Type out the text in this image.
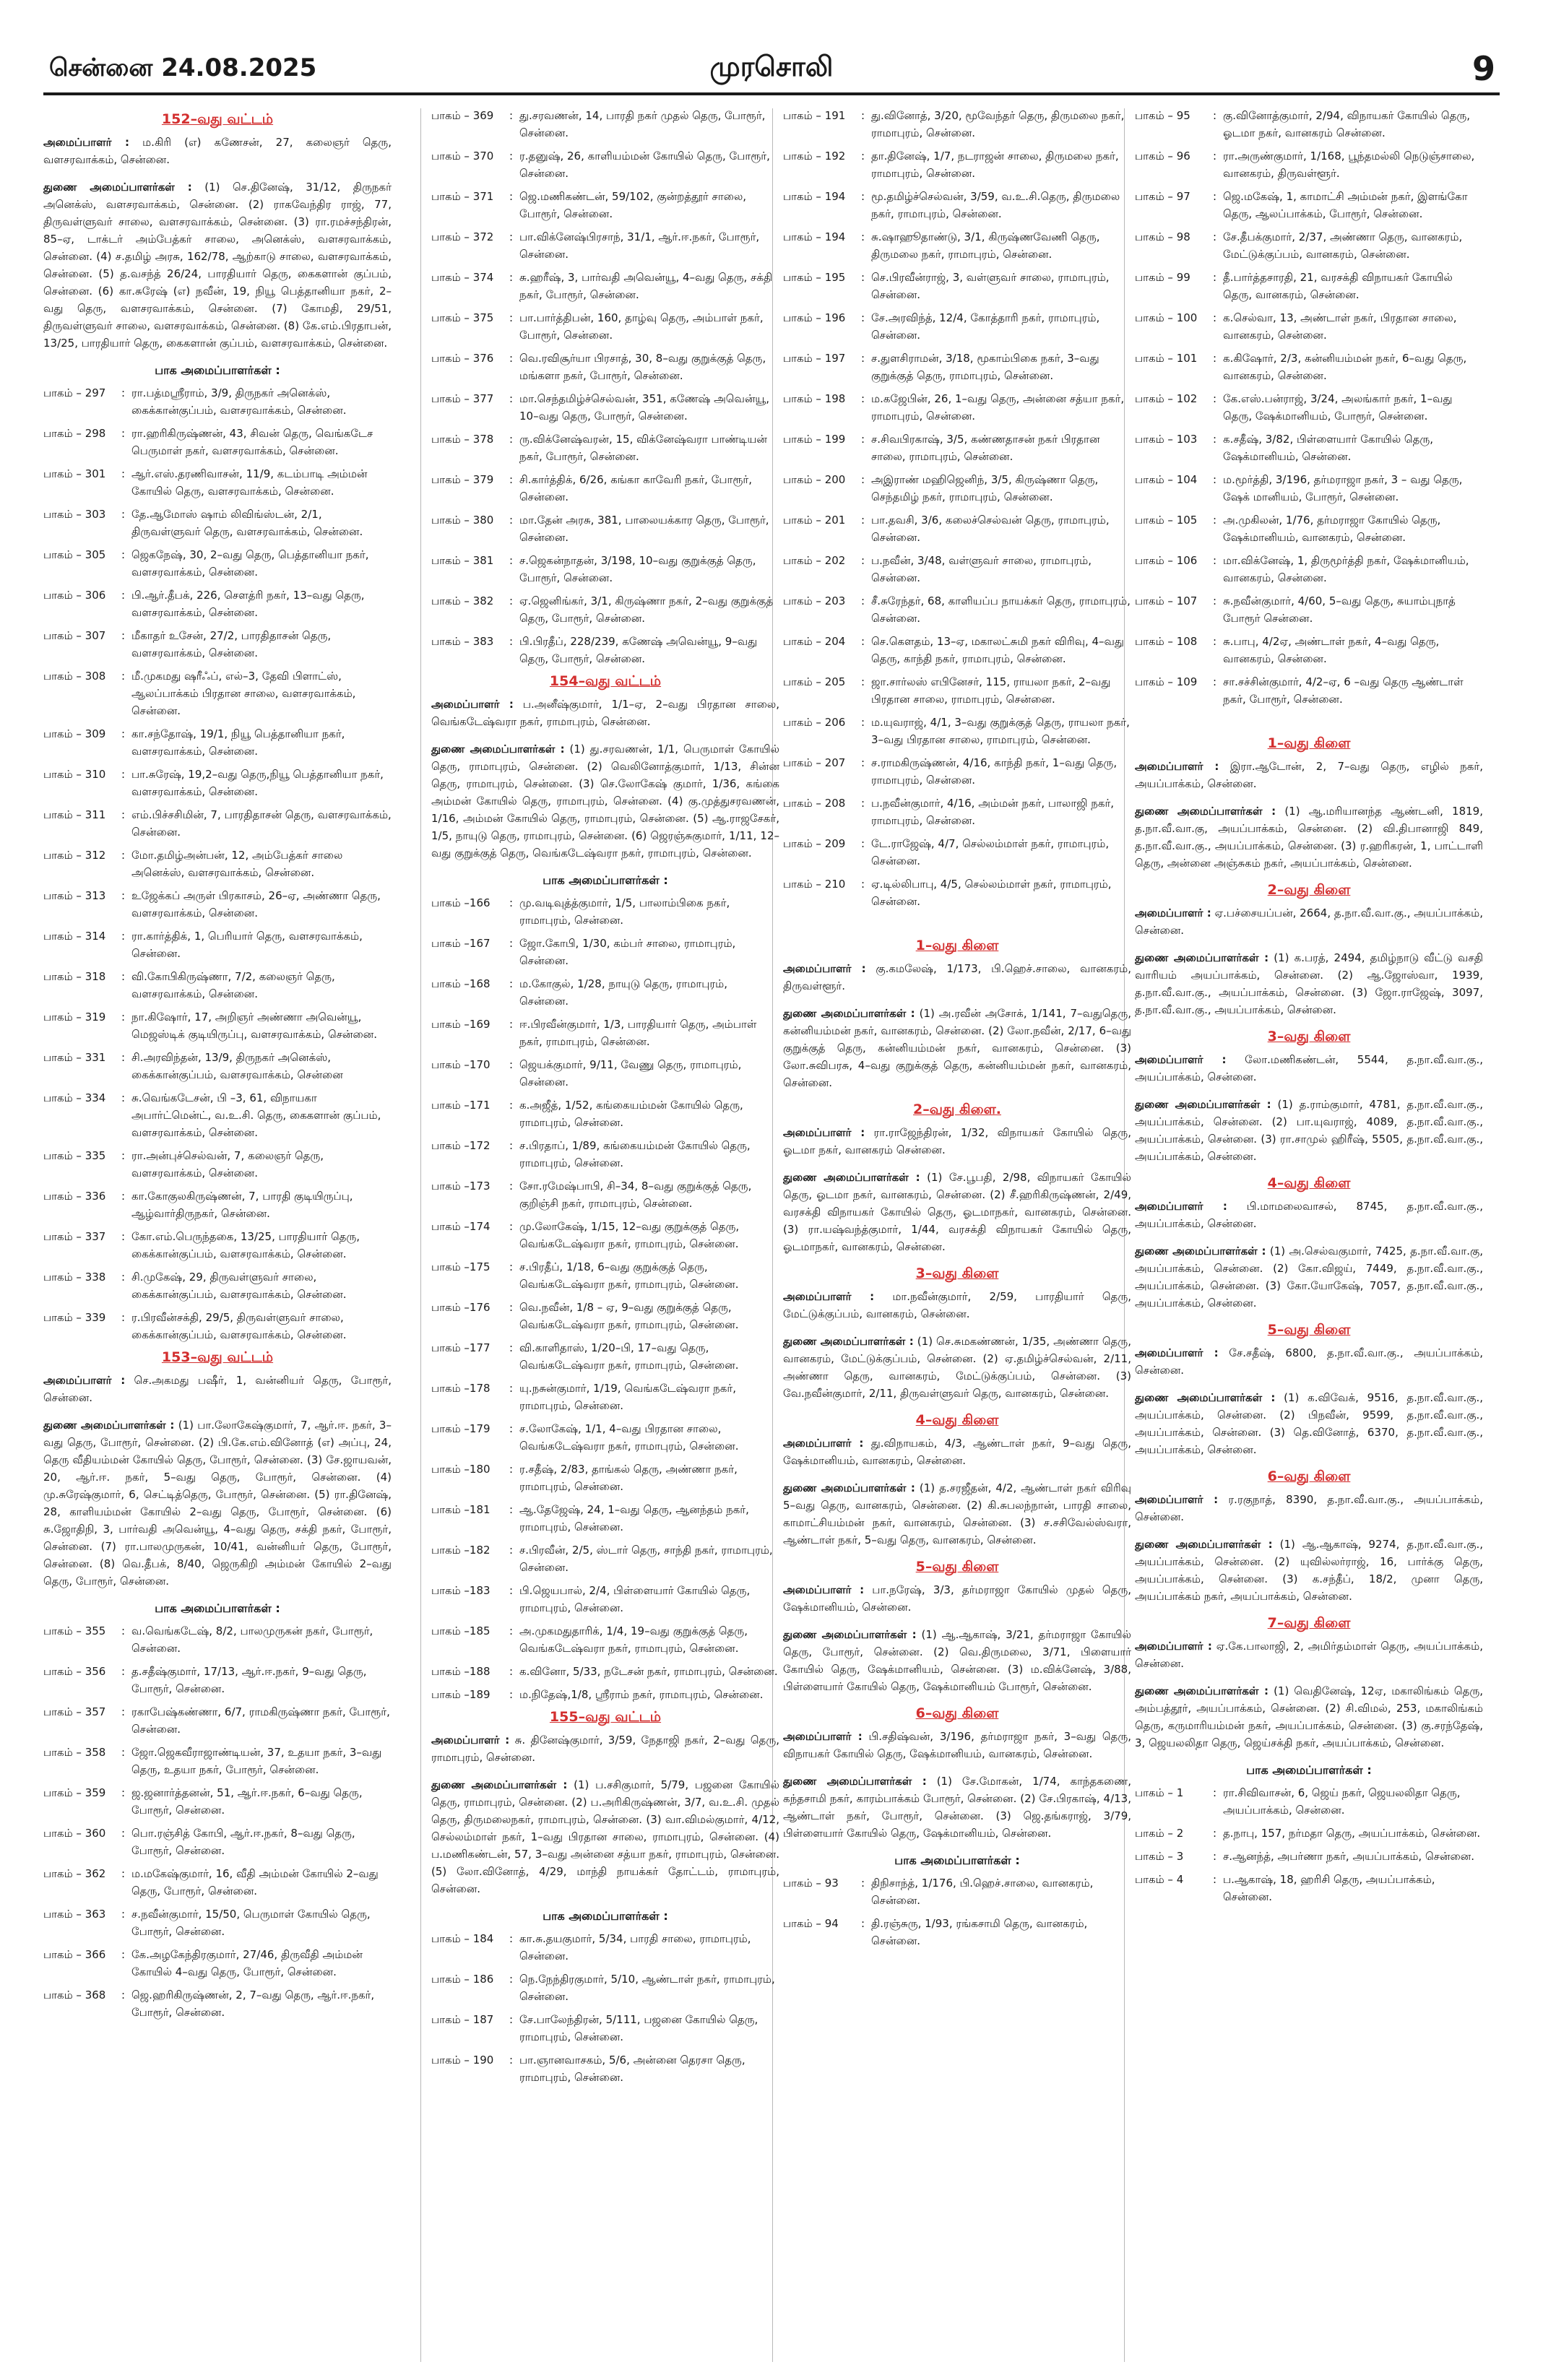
சென்னை 24.08.2025	முரசொலி	9
152–வது வட்டம்

அமைப்பாளர் : ம.கிரி (எ) கணேசன், 27, கலைஞர் தெரு, வளசரவாக்கம், சென்னை.

துணை அமைப்பாளர்கள் : (1) செ.தினேஷ், 31/12, திருநகர் அனெக்ஸ், வளசரவாக்கம், சென்னை. (2) ராகவேந்திர ராஜ், 77, திருவள்ளுவர் சாலை, வளசரவாக்கம், சென்னை. (3) ரா.ரமச்சந்திரன், 85–ஏ, டாக்டர் அம்பேத்கர் சாலை, அனெக்ஸ், வளசரவாக்கம், சென்னை. (4) ச.தமிழ் அரசு, 162/78, ஆற்காடு சாலை, வளசரவாக்கம், சென்னை. (5) த.வசந்த் 26/24, பாரதியார் தெரு, கைகளான் குப்பம், சென்னை. (6) கா.சுரேஷ் (எ) நவீன், 19, நியூ பெத்தானியா நகர், 2–வது தெரு, வளசரவாக்கம், சென்னை. (7) கோமதி, 29/51, திருவள்ளுவர் சாலை, வளசரவாக்கம், சென்னை. (8) கே.எம்.பிரதாபன், 13/25, பாரதியார் தெரு, கைகளான் குப்பம், வளசரவாக்கம், சென்னை.

பாக அமைப்பாளர்கள் :
பாகம் – 297	: ரா.பத்மஸ்ரீராம், 3/9, திருநகர் அனெக்ஸ், கைக்கான்குப்பம், வளசரவாக்கம், சென்னை.
பாகம் – 298	: ரா.ஹரிகிருஷ்ணன், 43, சிவன் தெரு, வெங்கடேச பெருமாள் நகர், வளசரவாக்கம், சென்னை.
பாகம் – 301	: ஆர்.எஸ்.தரணிவாசன், 11/9, கடம்பாடி அம்மன் கோயில் தெரு, வளசரவாக்கம், சென்னை.
பாகம் – 303	: தே.ஆமோஸ் ஷாம் லிவிங்ஸ்டன், 2/1, திருவள்ளுவர் தெரு, வளசரவாக்கம், சென்னை.
பாகம் – 305	: ஜெகநேஷ், 30, 2–வது தெரு, பெத்தானியா நகர், வளசரவாக்கம், சென்னை.
பாகம் – 306	: பி.ஆர்.தீபக், 226, செளத்ரி நகர், 13–வது தெரு, வளசரவாக்கம், சென்னை.
பாகம் – 307	: மீகாதர் உசேன், 27/2, பாரதிதாசன் தெரு, வளசரவாக்கம், சென்னை.
பாகம் – 308	: மீ.முகமது ஷரீஃப், எல்–3, தேவி பிளாட்ஸ், ஆலப்பாக்கம் பிரதான சாலை, வளசரவாக்கம், சென்னை.
பாகம் – 309	: கா.சந்தோஷ், 19/1, நியூ பெத்தானியா நகர், வளசரவாக்கம், சென்னை.
பாகம் – 310	: பா.சுரேஷ், 19,2–வது தெரு,நியூ பெத்தானியா நகர், வளசரவாக்கம், சென்னை.
பாகம் – 311	: எம்.பிச்சசிமின், 7, பாரதிதாசன் தெரு, வளசரவாக்கம், சென்னை.
பாகம் – 312	: மோ.தமிழ்அன்பன், 12, அம்பேத்கர் சாலை அனெக்ஸ், வளசரவாக்கம், சென்னை.
பாகம் – 313	: உஜேக்கப் அருள் பிரகாசம், 26–ஏ, அண்ணா தெரு, வளசரவாக்கம், சென்னை.
பாகம் – 314	: ரா.கார்த்திக், 1, பெரியார் தெரு, வளசரவாக்கம், சென்னை.
பாகம் – 318	: வி.கோபிகிருஷ்ணா, 7/2, கலைஞர் தெரு, வளசரவாக்கம், சென்னை.
பாகம் – 319	: நா.கிஷோர், 17, அறிஞர் அண்ணா அவென்யூ, மெஜஸ்டிக் குடியிருப்பு, வளசரவாக்கம், சென்னை.
பாகம் – 331	: சி.அரவிந்தன், 13/9, திருநகர் அனெக்ஸ், கைக்கான்குப்பம், வளசரவாக்கம், சென்னை
பாகம் – 334	: சு.வெங்கடேசன், பி –3, 61, விநாயகா அபார்ட்மென்ட், வ.உ.சி. தெரு, கைகளான் குப்பம், வளசரவாக்கம், சென்னை.
பாகம் – 335	: ரா.அன்புச்செல்வன், 7, கலைஞர் தெரு, வளசரவாக்கம், சென்னை.
பாகம் – 336	: கா.கோகுலகிருஷ்ணன், 7, பாரதி குடியிருப்பு, ஆழ்வார்திருநகர், சென்னை.
பாகம் – 337	: கோ.எம்.பெருந்தகை, 13/25, பாரதியார் தெரு, கைக்கான்குப்பம், வளசரவாக்கம், சென்னை.
பாகம் – 338	: சி.முகேஷ், 29, திருவள்ளுவர் சாலை, கைக்கான்குப்பம், வளசரவாக்கம், சென்னை.
பாகம் – 339	: ர.பிரவீன்சக்தி, 29/5, திருவள்ளுவர் சாலை, கைக்கான்குப்பம், வளசரவாக்கம், சென்னை.
153–வது வட்டம்

அமைப்பாளர் : செ.அகமது பஷீர், 1, வன்னியர் தெரு, போரூர், சென்னை.

துணை அமைப்பாளர்கள் : (1) பா.லோகேஷ்குமார், 7, ஆர்.ஈ. நகர், 3–வது தெரு, போரூர், சென்னை. (2) பி.கே.எம்.வினோத் (எ) அப்பு, 24, தெரு வீதியம்மன் கோயில் தெரு, போரூர், சென்னை. (3) சே.ஜாயவன், 20, ஆர்.ஈ. நகர், 5–வது தெரு, போரூர், சென்னை. (4) மு.சுரேஷ்குமார், 6, செட்டித்தெரு, போரூர், சென்னை. (5) ரா.தினேஷ், 28, காளியம்மன் கோயில் 2–வது தெரு, போரூர், சென்னை. (6) சு.ஜோதிநி, 3, பார்வதி அவென்யூ, 4–வது தெரு, சக்தி நகர், போரூர், சென்னை. (7) ரா.பாலமுருகன், 10/41, வன்னியர் தெரு, போரூர், சென்னை. (8) வெ.தீபக், 8/40, ஜெருகிறி அம்மன் கோயில் 2–வது தெரு, போரூர், சென்னை.

பாக அமைப்பாளர்கள் :
பாகம் – 355	: வ.வெங்கடேஷ், 8/2, பாலமுருகன் நகர், போரூர், சென்னை.
பாகம் – 356	: த.சதீஷ்குமார், 17/13, ஆர்.ஈ.நகர், 9–வது தெரு, போரூர், சென்னை.
பாகம் – 357	: ரகாபேஷ்கண்ணா, 6/7, ராமகிருஷ்ணா நகர், போரூர், சென்னை.
பாகம் – 358	: ஜோ.ஜெகவீராஜாண்டியன், 37, உதயா நகர், 3–வது தெரு, உதயா நகர், போரூர், சென்னை.
பாகம் – 359	: ஜ.ஜனார்த்தனன், 51, ஆர்.ஈ.நகர், 6–வது தெரு, போரூர், சென்னை.
பாகம் – 360	: பொ.ரஞ்சித் கோபி, ஆர்.ஈ.நகர், 8–வது தெரு, போரூர், சென்னை.
பாகம் – 362	: ம.மகேஷ்குமார், 16, வீதி அம்மன் கோயில் 2–வது தெரு, போரூர், சென்னை.
பாகம் – 363	: ச.நவீன்குமார், 15/50, பெருமாள் கோயில் தெரு, போரூர், சென்னை.
பாகம் – 366	: கே.அழகேந்திரகுமார், 27/46, திருவீதி அம்மன் கோயில் 4–வது தெரு, போரூர், சென்னை.
பாகம் – 368	: ஜெ.ஹரிகிருஷ்ணன், 2, 7–வது தெரு, ஆர்.ஈ.நகர், போரூர், சென்னை.
பாகம் – 369	: து.சரவணன், 14, பாரதி நகர் முதல் தெரு, போரூர், சென்னை.
பாகம் – 370	: ர.தனுஷ், 26, காளியம்மன் கோயில் தெரு, போரூர், சென்னை.
பாகம் – 371	: ஜெ.மணிகண்டன், 59/102, குன்றத்தூர் சாலை, போரூர், சென்னை.
பாகம் – 372	: பா.விக்னேஷ்பிரசாந், 31/1, ஆர்.ஈ.நகர், போரூர், சென்னை.
பாகம் – 374	: சு.ஹரீஷ், 3, பார்வதி அவென்யூ, 4–வது தெரு, சக்தி நகர், போரூர், சென்னை.
பாகம் – 375	: பா.பார்த்திபன், 160, தாழ்வு தெரு, அம்பாள் நகர், போரூர், சென்னை.
பாகம் – 376	: வெ.ரவிசூர்யா பிரசாத், 30, 8–வது குறுக்குத் தெரு, மங்களா நகர், போரூர், சென்னை.
பாகம் – 377	: மா.செந்தமிழ்ச்செல்வன், 351, கணேஷ் அவென்யூ, 10–வது தெரு, போரூர், சென்னை.
பாகம் – 378	: ரு.விக்னேஷ்வரன், 15, விக்னேஷ்வரா பாண்டியன் நகர், போரூர், சென்னை.
பாகம் – 379	: சி.கார்த்திக், 6/26, கங்கா காவேரி நகர், போரூர், சென்னை.
பாகம் – 380	: மா.தேன் அரசு, 381, பாலையக்கார தெரு, போரூர், சென்னை.
பாகம் – 381	: ச.ஜெகன்நாதன், 3/198, 10–வது குறுக்குத் தெரு, போரூர், சென்னை.
பாகம் – 382	: ஏ.ஜெனிங்கர், 3/1, கிருஷ்ணா நகர், 2–வது குறுக்குத் தெரு, போரூர், சென்னை.
பாகம் – 383	: பி.பிரதீப், 228/239, கணேஷ் அவென்யூ, 9–வது தெரு, போரூர், சென்னை.
154–வது வட்டம்

அமைப்பாளர் : ப.அனீஷ்குமார், 1/1–ஏ, 2–வது பிரதான சாலை, வெங்கடேஷ்வரா நகர், ராமாபுரம், சென்னை.

துணை அமைப்பாளர்கள் : (1) து.சரவணன், 1/1, பெருமாள் கோயில் தெரு, ராமாபுரம், சென்னை. (2) வெலினோத்குமார், 1/13, சின்ன தெரு, ராமாபுரம், சென்னை. (3) செ.லோகேஷ் குமார், 1/36, கங்கை அம்மன் கோயில் தெரு, ராமாபுரம், சென்னை. (4) கு.முத்துசரவணன், 1/16, அம்மன் கோயில் தெரு, ராமாபுரம், சென்னை. (5) ஆ.ராஜசேகர், 1/5, நாயுடு தெரு, ராமாபுரம், சென்னை. (6) ஜெரஞ்சுகுமார், 1/11, 12–வது குறுக்குத் தெரு, வெங்கடேஷ்வரா நகர், ராமாபுரம், சென்னை.

பாக அமைப்பாளர்கள் :
பாகம் –166	: மு.வடிவுத்த்குமார், 1/5, பாலாம்பிகை நகர், ராமாபுரம், சென்னை.
பாகம் –167	: ஜோ.கோபி, 1/30, கம்பர் சாலை, ராமாபுரம், சென்னை.
பாகம் –168	: ம.கோகுல், 1/28, நாயுடு தெரு, ராமாபுரம், சென்னை.
பாகம் –169	: ஈ.பிரவீன்குமார், 1/3, பாரதியார் தெரு, அம்பாள் நகர், ராமாபுரம், சென்னை.
பாகம் –170	: ஜெயக்குமார், 9/11, வேணு தெரு, ராமாபுரம், சென்னை.
பாகம் –171	: க.அஜீத், 1/52, கங்கையம்மன் கோயில் தெரு, ராமாபுரம், சென்னை.
பாகம் –172	: ச.பிரதாப், 1/89, கங்கையம்மன் கோயில் தெரு, ராமாபுரம், சென்னை.
பாகம் –173	: சோ.ரமேஷ்பாபி, சி–34, 8–வது குறுக்குத் தெரு, குறிஞ்சி நகர், ராமாபுரம், சென்னை.
பாகம் –174	: மு.லோகேஷ், 1/15, 12–வது குறுக்குத் தெரு, வெங்கடேஷ்வரா நகர், ராமாபுரம், சென்னை.
பாகம் –175	: ச.பிரதீப், 1/18, 6–வது குறுக்குத் தெரு, வெங்கடேஷ்வரா நகர், ராமாபுரம், சென்னை.
பாகம் –176	: வெ.நவீன், 1/8 – ஏ, 9–வது குறுக்குத் தெரு, வெங்கடேஷ்வரா நகர், ராமாபுரம், சென்னை.
பாகம் –177	: வி.காளிதாஸ், 1/20–பி, 17–வது தெரு, வெங்கடேஷ்வரா நகர், ராமாபுரம், சென்னை.
பாகம் –178	: யு.நசுன்குமார், 1/19, வெங்கடேஷ்வரா நகர், ராமாபுரம், சென்னை.
பாகம் –179	: ச.லோகேஷ், 1/1, 4–வது பிரதான சாலை, வெங்கடேஷ்வரா நகர், ராமாபுரம், சென்னை.
பாகம் –180	: ர.சதீஷ், 2/83, தாங்கல் தெரு, அண்ணா நகர், ராமாபுரம், சென்னை.
பாகம் –181	: ஆ.தேஜேஷ், 24, 1–வது தெரு, ஆனந்தம் நகர், ராமாபுரம், சென்னை.
பாகம் –182	: ச.பிரவீன், 2/5, ஸ்டார் தெரு, சாந்தி நகர், ராமாபுரம், சென்னை.
பாகம் –183	: பி.ஜெயபால், 2/4, பிள்ளையார் கோயில் தெரு, ராமாபுரம், சென்னை.
பாகம் –185	: அ.முகமதுதாரிக், 1/4, 19–வது குறுக்குத் தெரு, வெங்கடேஷ்வரா நகர், ராமாபுரம், சென்னை.
பாகம் –188	: க.வினோ, 5/33, நடேசன் நகர், ராமாபுரம், சென்னை.
பாகம் –189	: ம.நிதேஷ்,1/8, ஸ்ரீராம் நகர், ராமாபுரம், சென்னை.
155–வது வட்டம்

அமைப்பாளர் : சு. தினேஷ்குமார், 3/59, நேதாஜி நகர், 2–வது தெரு, ராமாபுரம், சென்னை.

துணை அமைப்பாளர்கள் : (1) ப.சசிகுமார், 5/79, பஜனை கோயில் தெரு, ராமாபுரம், சென்னை. (2) ப.அரிகிருஷ்ணன், 3/7, வ.உ.சி. முதல் தெரு, திருமலைநகர், ராமாபுரம், சென்னை. (3) வா.விமல்குமார், 4/12, செல்லம்மாள் நகர், 1–வது பிரதான சாலை, ராமாபுரம், சென்னை. (4) ப.மணிகண்டன், 57, 3–வது அன்னை சத்யா நகர், ராமாபுரம், சென்னை. (5) லோ.வினோத், 4/29, மாந்தி நாயக்கர் தோட்டம், ராமாபுரம், சென்னை.

பாக அமைப்பாளர்கள் :
பாகம் – 184	: கா.சு.தயகுமார், 5/34, பாரதி சாலை, ராமாபுரம், சென்னை.
பாகம் – 186	: நெ.நேந்திரகுமார், 5/10, ஆண்டாள் நகர், ராமாபுரம், சென்னை.
பாகம் – 187	: சே.பாலேந்திரன், 5/111, பஜனை கோயில் தெரு, ராமாபுரம், சென்னை.
பாகம் – 190	: பா.ஞானவாசகம், 5/6, அன்னை தெரசா தெரு, ராமாபுரம், சென்னை.
பாகம் – 191	: து.வினோத், 3/20, மூவேந்தர் தெரு, திருமலை நகர், ராமாபுரம், சென்னை.
பாகம் – 192	: தா.தினேஷ், 1/7, நடராஜன் சாலை, திருமலை நகர், ராமாபுரம், சென்னை.
பாகம் – 194	: மூ.தமிழ்ச்செல்வன், 3/59, வ.உ.சி.தெரு, திருமலை நகர், ராமாபுரம், சென்னை.
பாகம் – 194	: சு.ஷாஹூதாண்டு, 3/1, கிருஷ்ணவேணி தெரு, திருமலை நகர், ராமாபுரம், சென்னை.
பாகம் – 195	: செ.பிரவீன்ராஜ், 3, வள்ளுவர் சாலை, ராமாபுரம், சென்னை.
பாகம் – 196	: சே.அரவிந்த், 12/4, கோத்தாரி நகர், ராமாபுரம், சென்னை.
பாகம் – 197	: ச.துளசிராமன், 3/18, மூகாம்பிகை நகர், 3–வது குறுக்குத் தெரு, ராமாபுரம், சென்னை.
பாகம் – 198	: ம.கஜேபின், 26, 1–வது தெரு, அன்னை சத்யா நகர், ராமாபுரம், சென்னை.
பாகம் – 199	: ச.சிவபிரகாஷ், 3/5, கண்ணதாசன் நகர் பிரதான சாலை, ராமாபுரம், சென்னை.
பாகம் – 200	: அஇராண் மஹிஜெனிந், 3/5, கிருஷ்ணா தெரு, செந்தமிழ் நகர், ராமாபுரம், சென்னை.
பாகம் – 201	: பா.தவசி, 3/6, கலைச்செல்வன் தெரு, ராமாபுரம், சென்னை.
பாகம் – 202	: ப.நவீன், 3/48, வள்ளுவர் சாலை, ராமாபுரம், சென்னை.
பாகம் – 203	: சீ.சுரேந்தர், 68, காளியப்ப நாயக்கர் தெரு, ராமாபுரம், சென்னை.
பாகம் – 204	: செ.கௌதம், 13–ஏ, மகாலட்சுமி நகர் விரிவு, 4–வது தெரு, காந்தி நகர், ராமாபுரம், சென்னை.
பாகம் – 205	: ஜா.சார்லஸ் எபினேசர், 115, ராயலா நகர், 2–வது பிரதான சாலை, ராமாபுரம், சென்னை.
பாகம் – 206	: ம.யுவராஜ், 4/1, 3–வது குறுக்குத் தெரு, ராயலா நகர், 3–வது பிரதான சாலை, ராமாபுரம், சென்னை.
பாகம் – 207	: ச.ராமகிருஷ்ணன், 4/16, காந்தி நகர், 1–வது தெரு, ராமாபுரம், சென்னை.
பாகம் – 208	: ப.நவீன்குமார், 4/16, அம்மன் நகர், பாலாஜி நகர், ராமாபுரம், சென்னை.
பாகம் – 209	: டே.ராஜேஷ், 4/7, செல்லம்மாள் நகர், ராமாபுரம், சென்னை.
பாகம் – 210	: ஏ.டில்லிபாபு, 4/5, செல்லம்மாள் நகர், ராமாபுரம், சென்னை.
1–வது கிளை

அமைப்பாளர் : கு.கமலேஷ், 1/173, பி.ஹெச்.சாலை, வானகரம், திருவள்ளூர்.

துணை அமைப்பாளர்கள் : (1) அ.ரவீன் அசோக், 1/141, 7–வதுதெரு, கன்னியம்மன் நகர், வானகரம், சென்னை. (2) லோ.நவீன், 2/17, 6–வது குறுக்குத் தெரு, கன்னியம்மன் நகர், வானகரம், சென்னை. (3) லோ.சுவிபரசு, 4–வது குறுக்குத் தெரு, கன்னியம்மன் நகர், வானகரம், சென்னை.

2–வது கிளை.

அமைப்பாளர் : ரா.ராஜேந்திரன், 1/32, விநாயகர் கோயில் தெரு, ஓடமா நகர், வானகரம் சென்னை.

துணை அமைப்பாளர்கள் : (1) சே.பூபதி, 2/98, விநாயகர் கோயில் தெரு, ஓடமா நகர், வானகரம், சென்னை. (2) சீ.ஹரிகிருஷ்ணன், 2/49, வரசக்தி விநாயகர் கோயில் தெரு, ஓடமாநகர், வானகரம், சென்னை. (3) ரா.யஷ்வந்த்குமார், 1/44, வரசக்தி விநாயகர் கோயில் தெரு, ஓடமாநகர், வானகரம், சென்னை.

3–வது கிளை

அமைப்பாளர் : மா.நவீன்குமார், 2/59, பாரதியார் தெரு, மேட்டுக்குப்பம், வானகரம், சென்னை.

துணை அமைப்பாளர்கள் : (1) செ.சுமகண்ணன், 1/35, அண்ணா தெரு, வானகரம், மேட்டுக்குப்பம், சென்னை. (2) ஏ.தமிழ்ச்செல்வன், 2/11, அண்ணா தெரு, வானகரம், மேட்டுக்குப்பம், சென்னை. (3) வே.நவீன்குமார், 2/11, திருவள்ளுவர் தெரு, வானகரம், சென்னை.

4–வது கிளை

அமைப்பாளர் : து.விநாயகம், 4/3, ஆண்டாள் நகர், 9–வது தெரு, ஷேக்மானியம், வானகரம், சென்னை.

துணை அமைப்பாளர்கள் : (1) த.சரஜீதன், 4/2, ஆண்டாள் நகர் விரிவு 5–வது தெரு, வானகரம், சென்னை. (2) கி.சுபலந்நான், பாரதி சாலை, காமாட்சியம்மன் நகர், வானகரம், சென்னை. (3) ச.சசிவேல்ஸ்வரா, ஆண்டாள் நகர், 5–வது தெரு, வானகரம், சென்னை.

5–வது கிளை

அமைப்பாளர் : பா.நரேஷ், 3/3, தர்மராஜா கோயில் முதல் தெரு, ஷேக்மானியம், சென்னை.

துணை அமைப்பாளர்கள் : (1) ஆ.ஆகாஷ், 3/21, தர்மராஜா கோயில் தெரு, போரூர், சென்னை. (2) வெ.திருமலை, 3/71, பிளையார் கோயில் தெரு, ஷேக்மானியம், சென்னை. (3) ம.விக்னேஷ், 3/88, பிள்ளையார் கோயில் தெரு, ஷேக்மானியம் போரூர், சென்னை.

6–வது கிளை

அமைப்பாளர் : பி.சதிஷ்வன், 3/196, தர்மராஜா நகர், 3–வது தெரு, விநாயகர் கோயில் தெரு, ஷேக்மானியம், வானகரம், சென்னை.

துணை அமைப்பாளர்கள் : (1) சே.மோகன், 1/74, காந்தகணை, கந்தசாமி நகர், காரம்பாக்கம் போரூர், சென்னை. (2) சே.பிரகாஷ், 4/13, ஆண்டாள் நகர், போரூர், சென்னை. (3) ஜெ.தங்கராஜ், 3/79, பிள்ளையார் கோயில் தெரு, ஷேக்மானியம், சென்னை.

பாக அமைப்பாளர்கள் :
பாகம் – 93	: திநிசாந்த், 1/176, பி.ஹெச்.சாலை, வானகரம், சென்னை.
பாகம் – 94	: தி.ரஞ்சுரு, 1/93, ரங்கசாமி தெரு, வானகரம், சென்னை.
பாகம் – 95	: கு.வினோத்குமார், 2/94, விநாயகர் கோயில் தெரு, ஓடமா நகர், வானகரம் சென்னை.
பாகம் – 96	: ரா.அருண்குமார், 1/168, பூந்தமல்லி நெடுஞ்சாலை, வானகரம், திருவள்ளூர்.
பாகம் – 97	: ஜெ.மகேஷ், 1, காமாட்சி அம்மன் நகர், இளங்கோ தெரு, ஆலப்பாக்கம், போரூர், சென்னை.
பாகம் – 98	: சே.தீபக்குமார், 2/37, அண்ணா தெரு, வானகரம், மேட்டுக்குப்பம், வானகரம், சென்னை.
பாகம் – 99	: தீ.பார்த்தசாரதி, 21, வரசக்தி விநாயகர் கோயில் தெரு, வானகரம், சென்னை.
பாகம் – 100	: க.செல்வா, 13, அண்டாள் நகர், பிரதான சாலை, வானகரம், சென்னை.
பாகம் – 101	: க.கிஷோர், 2/3, கன்னியம்மன் நகர், 6–வது தெரு, வானகரம், சென்னை.
பாகம் – 102	: கே.எஸ்.பன்ராஜ், 3/24, அலங்கார் நகர், 1–வது தெரு, ஷேக்மானியம், போரூர், சென்னை.
பாகம் – 103	: க.சதீஷ், 3/82, பிள்ளையார் கோயில் தெரு, ஷேக்மானியம், சென்னை.
பாகம் – 104	: ம.மூர்த்தி, 3/196, தர்மராஜா நகர், 3 – வது தெரு, ஷேக் மானியம், போரூர், சென்னை.
பாகம் – 105	: அ.முகிலன், 1/76, தர்மராஜா கோயில் தெரு, ஷேக்மானியம், வானகரம், சென்னை.
பாகம் – 106	: மா.விக்னேஷ், 1, திருமூர்த்தி நகர், ஷேக்மானியம், வானகரம், சென்னை.
பாகம் – 107	: சு.நவீன்குமார், 4/60, 5–வது தெரு, சுயாம்புநாத் போரூர் சென்னை.
பாகம் – 108	: சு.பாபு, 4/2ஏ, அண்டாள் நகர், 4–வது தெரு, வானகரம், சென்னை.
பாகம் – 109	: சா.சச்சின்குமார், 4/2–ஏ, 6 –வது தெரு ஆண்டாள் நகர், போரூர், சென்னை.
1–வது கிளை

அமைப்பாளர் : இரா.ஆடோன், 2, 7–வது தெரு, எழில் நகர், அயப்பாக்கம், சென்னை.

துணை அமைப்பாளர்கள் : (1) ஆ.மரியானந்த ஆண்டனி, 1819, த.நா.வீ.வா.கு, அயப்பாக்கம், சென்னை. (2) வி.திபானாஜி 849, த.நா.வீ.வா.கு., அயப்பாக்கம், சென்னை. (3) ர.ஹரிகரன், 1, பாட்டாளி தெரு, அன்னை அஞ்சுகம் நகர், அயப்பாக்கம், சென்னை.

2–வது கிளை

அமைப்பாளர் : ஏ.பச்சையப்பன், 2664, த.நா.வீ.வா.கு., அயப்பாக்கம், சென்னை.

துணை அமைப்பாளர்கள் : (1) க.பரத், 2494, தமிழ்நாடு வீட்டு வசதி வாரியம் அயப்பாக்கம், சென்னை. (2) ஆ.ஜோஸ்வா, 1939, த.நா.வீ.வா.கு., அயப்பாக்கம், சென்னை. (3) ஜோ.ராஜேஷ், 3097, த.நா.வீ.வா.கு., அயப்பாக்கம், சென்னை.

3–வது கிளை

அமைப்பாளர் : லோ.மணிகண்டன், 5544, த.நா.வீ.வா.கு., அயப்பாக்கம், சென்னை.

துணை அமைப்பாளர்கள் : (1) த.ராம்குமார், 4781, த.நா.வீ.வா.கு., அயப்பாக்கம், சென்னை. (2) பா.யுவராஜ், 4089, த.நா.வீ.வா.கு., அயப்பாக்கம், சென்னை. (3) ரா.சாமுல் ஹிரீஷ், 5505, த.நா.வீ.வா.கு., அயப்பாக்கம், சென்னை.

4–வது கிளை

அமைப்பாளர் : பி.மாமலைவாசல், 8745, த.நா.வீ.வா.கு., அயப்பாக்கம், சென்னை.

துணை அமைப்பாளர்கள் : (1) அ.செல்வகுமார், 7425, த.நா.வீ.வா.கு, அயப்பாக்கம், சென்னை. (2) கோ.விஜய், 7449, த.நா.வீ.வா.கு., அயப்பாக்கம், சென்னை. (3) கோ.யோகேஷ், 7057, த.நா.வீ.வா.கு., அயப்பாக்கம், சென்னை.

5–வது கிளை

அமைப்பாளர் : சே.சதீஷ், 6800, த.நா.வீ.வா.கு., அயப்பாக்கம், சென்னை.

துணை அமைப்பாளர்கள் : (1) க.விவேக், 9516, த.நா.வீ.வா.கு., அயப்பாக்கம், சென்னை. (2) பிநவீன், 9599, த.நா.வீ.வா.கு., அயப்பாக்கம், சென்னை. (3) தெ.வினோத், 6370, த.நா.வீ.வா.கு., அயப்பாக்கம், சென்னை.

6–வது கிளை

அமைப்பாளர் : ர.ரகுநாத், 8390, த.நா.வீ.வா.கு., அயப்பாக்கம், சென்னை.

துணை அமைப்பாளர்கள் : (1) ஆ.ஆகாஷ், 9274, த.நா.வீ.வா.கு., அயப்பாக்கம், சென்னை. (2) யுவில்லர்ராஜ், 16, பார்க்கு தெரு, அயப்பாக்கம், சென்னை. (3) க.சந்தீப், 18/2, முனா தெரு, அயப்பாக்கம் நகர், அயப்பாக்கம், சென்னை.

7–வது கிளை

அமைப்பாளர் : ஏ.கே.பாலாஜி, 2, அமிர்தம்மாள் தெரு, அயப்பாக்கம், சென்னை.

துணை அமைப்பாளர்கள் : (1) வெதினேஷ், 12ஏ, மகாலிங்கம் தெரு, அம்பத்தூர், அயப்பாக்கம், சென்னை. (2) சி.விமல், 253, மகாலிங்கம் தெரு, கருமாரியம்மன் நகர், அயப்பாக்கம், சென்னை. (3) கு.சரந்தேஷ், 3, ஜெயலலிதா தெரு, ஜெய்சக்தி நகர், அயப்பாக்கம், சென்னை.

பாக அமைப்பாளர்கள் :
பாகம் – 1	: ரா.சிவிவாசன், 6, ஜெய் நகர், ஜெயலலிதா தெரு, அயப்பாக்கம், சென்னை.
பாகம் – 2	: த.நாபு, 157, நர்மதா தெரு, அயப்பாக்கம், சென்னை.
பாகம் – 3	: ச.ஆனந்த், அபர்ணா நகர், அயப்பாக்கம், சென்னை.
பாகம் – 4	: ப.ஆகாஷ், 18, ஹரிசி தெரு, அயப்பாக்கம், சென்னை.
